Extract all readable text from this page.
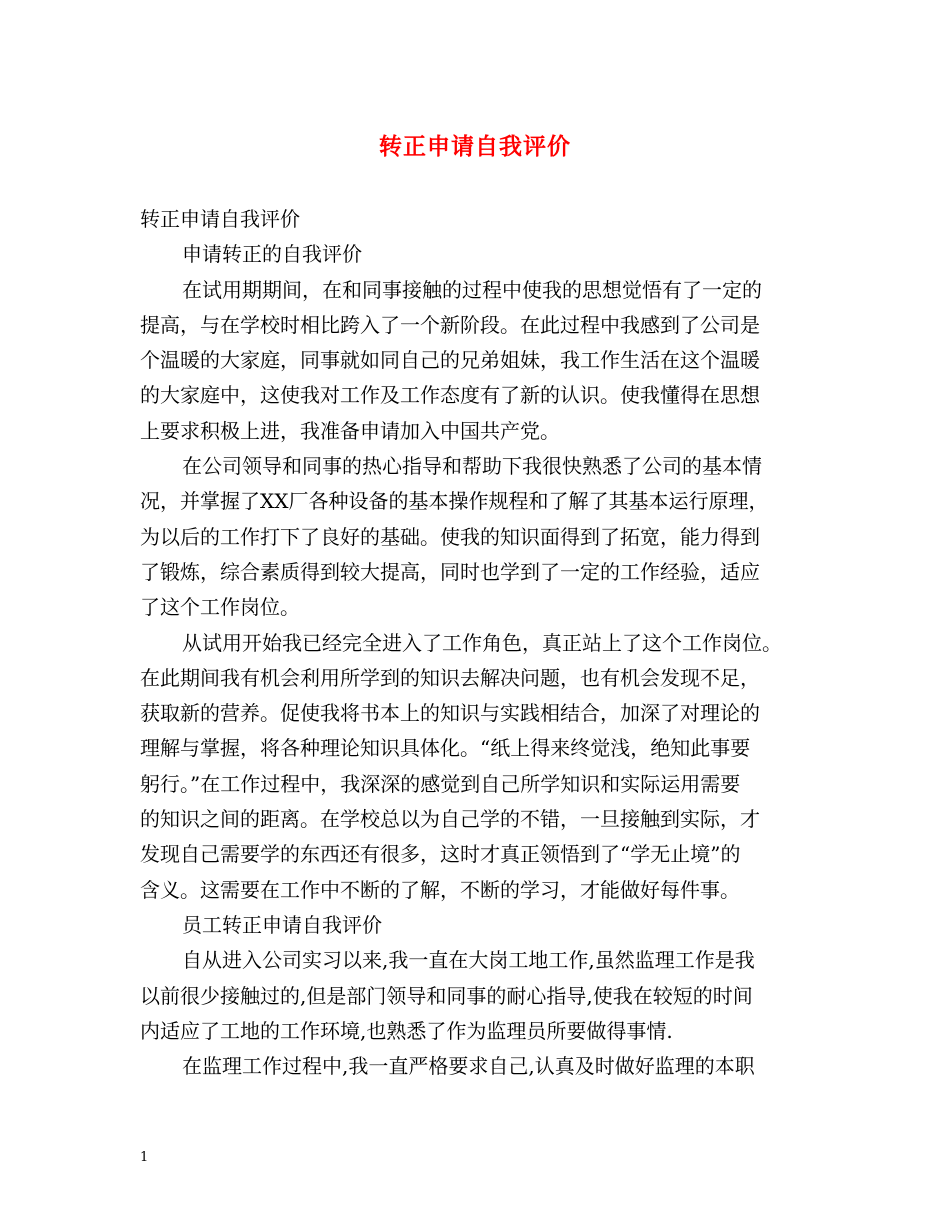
转正申请自我评价
转正申请自我评价
申请转正的自我评价
在试用期期间，在和同事接触的过程中使我的思想觉悟有了一定的
提高，与在学校时相比跨入了一个新阶段。在此过程中我感到了公司是
个温暖的大家庭，同事就如同自己的兄弟姐妹，我工作生活在这个温暖
的大家庭中，这使我对工作及工作态度有了新的认识。使我懂得在思想
上要求积极上进，我准备申请加入中国共产党。
在公司领导和同事的热心指导和帮助下我很快熟悉了公司的基本情
况，并掌握了XX厂各种设备的基本操作规程和了解了其基本运行原理，
为以后的工作打下了良好的基础。使我的知识面得到了拓宽，能力得到
了锻炼，综合素质得到较大提高，同时也学到了一定的工作经验，适应
了这个工作岗位。
从试用开始我已经完全进入了工作角色，真正站上了这个工作岗位。
在此期间我有机会利用所学到的知识去解决问题，也有机会发现不足，
获取新的营养。促使我将书本上的知识与实践相结合，加深了对理论的
理解与掌握，将各种理论知识具体化。“纸上得来终觉浅，绝知此事要
躬行。”在工作过程中，我深深的感觉到自己所学知识和实际运用需要
的知识之间的距离。在学校总以为自己学的不错，一旦接触到实际，才
发现自己需要学的东西还有很多，这时才真正领悟到了“学无止境”的
含义。这需要在工作中不断的了解，不断的学习，才能做好每件事。
员工转正申请自我评价
自从进入公司实习以来,我一直在大岗工地工作,虽然监理工作是我
以前很少接触过的,但是部门领导和同事的耐心指导,使我在较短的时间
内适应了工地的工作环境,也熟悉了作为监理员所要做得事情.
在监理工作过程中,我一直严格要求自己,认真及时做好监理的本职
1
